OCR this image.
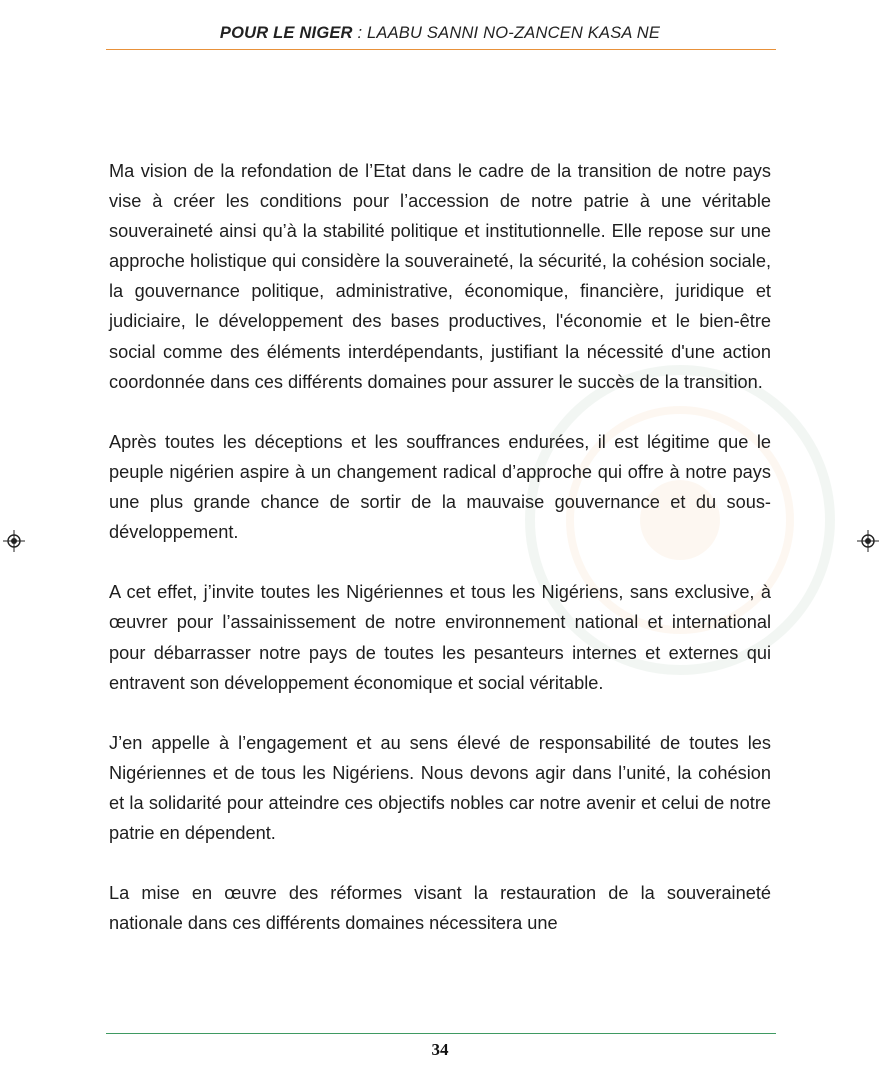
POUR LE NIGER : LAABU SANNI NO-ZANCEN KASA NE

Ma vision de la refondation de l’Etat dans le cadre de la transition de notre pays vise à créer les conditions pour l’accession de notre patrie à une véritable souveraineté ainsi qu’à la stabilité politique et institutionnelle. Elle repose sur une approche holistique qui considère la souveraineté, la sécurité, la cohésion sociale, la gouvernance politique, administrative, économique, financière, juridique et judiciaire, le développement des bases productives, l'économie et le bien-être social comme des éléments interdépendants, justifiant la nécessité d'une action coordonnée dans ces différents domaines pour assurer le succès de la transition.

Après toutes les déceptions et les souffrances endurées, il est légitime que le peuple nigérien aspire à un changement radical d’approche qui offre à notre pays une plus grande chance de sortir de la mauvaise gouvernance et du sous-développement.

A cet effet, j’invite toutes les Nigériennes et tous les Nigériens, sans exclusive, à œuvrer pour l’assainissement de notre environnement national et international pour débarrasser notre pays de toutes les pesanteurs internes et externes qui entravent son développement économique et social véritable.

J’en appelle à l’engagement et au sens élevé de responsabilité de toutes les Nigériennes et de tous les Nigériens. Nous devons agir dans l’unité, la cohésion et la solidarité pour atteindre ces objectifs nobles car notre avenir et celui de notre patrie en dépendent.

La mise en œuvre des réformes visant la restauration de la souveraineté nationale dans ces différents domaines nécessitera une

34
